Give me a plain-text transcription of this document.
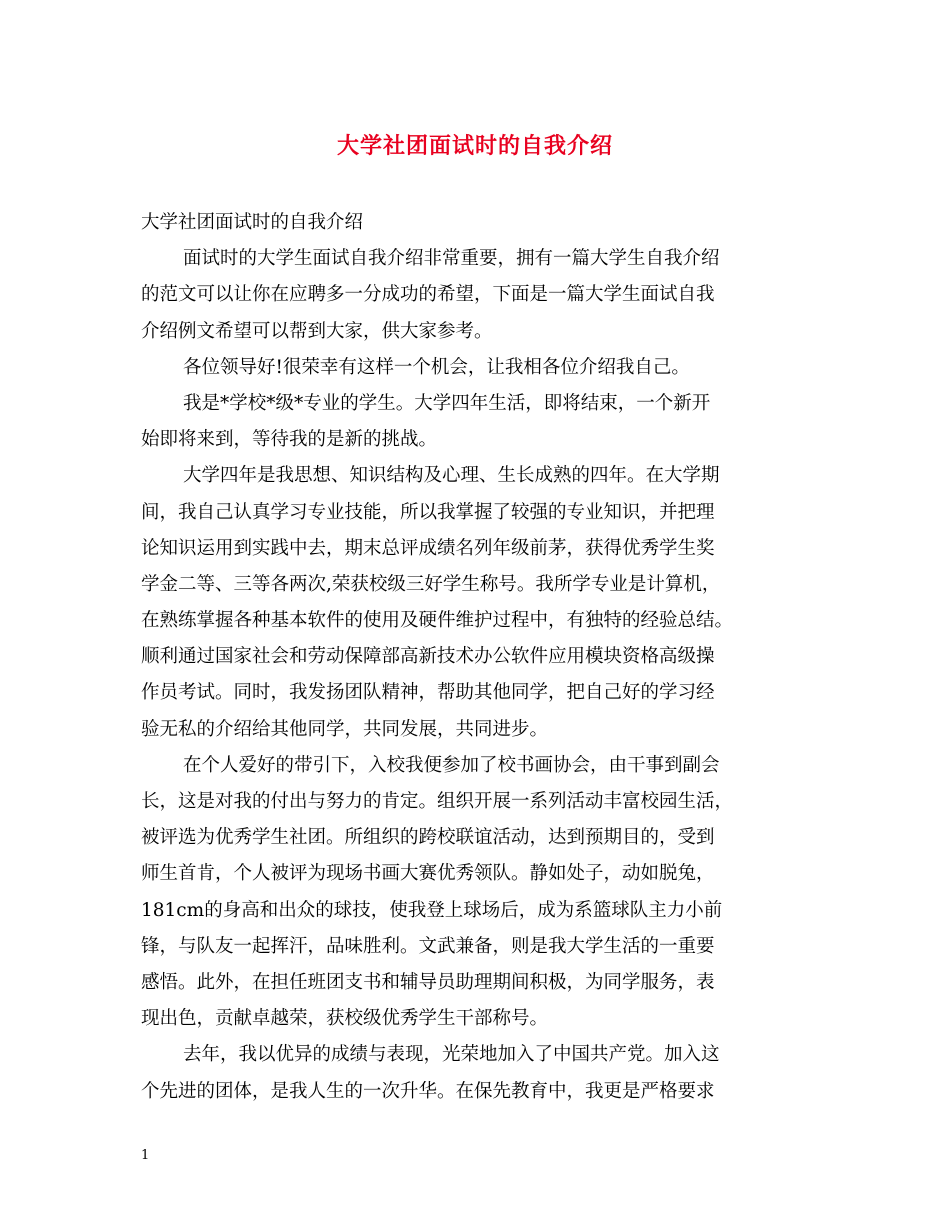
大学社团面试时的自我介绍
大学社团面试时的自我介绍
面试时的大学生面试自我介绍非常重要，拥有一篇大学生自我介绍
的范文可以让你在应聘多一分成功的希望，下面是一篇大学生面试自我
介绍例文希望可以帮到大家，供大家参考。
各位领导好!很荣幸有这样一个机会，让我相各位介绍我自己。
我是*学校*级*专业的学生。大学四年生活，即将结束，一个新开
始即将来到，等待我的是新的挑战。
大学四年是我思想、知识结构及心理、生长成熟的四年。在大学期
间，我自己认真学习专业技能，所以我掌握了较强的专业知识，并把理
论知识运用到实践中去，期末总评成绩名列年级前茅，获得优秀学生奖
学金二等、三等各两次,荣获校级三好学生称号。我所学专业是计算机，
在熟练掌握各种基本软件的使用及硬件维护过程中，有独特的经验总结。
顺利通过国家社会和劳动保障部高新技术办公软件应用模块资格高级操
作员考试。同时，我发扬团队精神，帮助其他同学，把自己好的学习经
验无私的介绍给其他同学，共同发展，共同进步。
在个人爱好的带引下，入校我便参加了校书画协会，由干事到副会
长，这是对我的付出与努力的肯定。组织开展一系列活动丰富校园生活，
被评选为优秀学生社团。所组织的跨校联谊活动，达到预期目的，受到
师生首肯，个人被评为现场书画大赛优秀领队。静如处子，动如脱兔，
181cm的身高和出众的球技，使我登上球场后，成为系篮球队主力小前
锋，与队友一起挥汗，品味胜利。文武兼备，则是我大学生活的一重要
感悟。此外，在担任班团支书和辅导员助理期间积极，为同学服务，表
现出色，贡献卓越荣，获校级优秀学生干部称号。
去年，我以优异的成绩与表现，光荣地加入了中国共产党。加入这
个先进的团体，是我人生的一次升华。在保先教育中，我更是严格要求
1
